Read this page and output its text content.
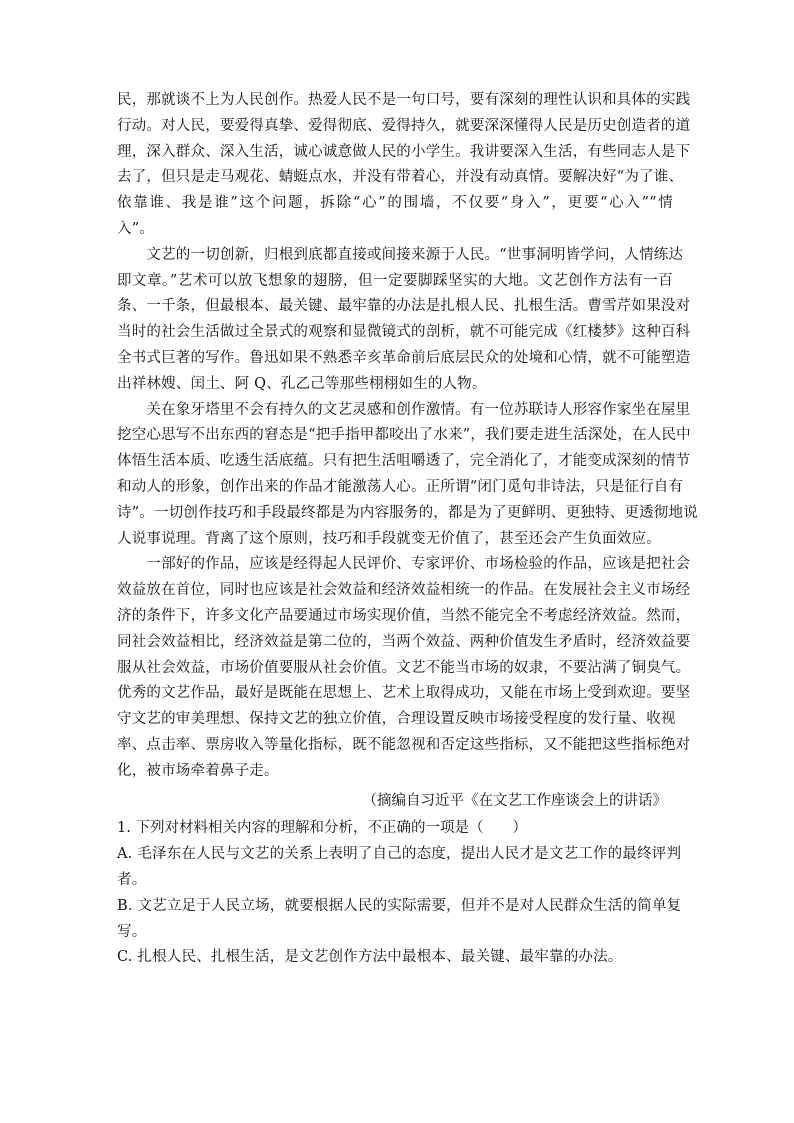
民，那就谈不上为人民创作。热爱人民不是一句口号，要有深刻的理性认识和具体的实践
行动。对人民，要爱得真挚、爱得彻底、爱得持久，就要深深懂得人民是历史创造者的道
理，深入群众、深入生活，诚心诚意做人民的小学生。我讲要深入生活，有些同志人是下
去了，但只是走马观花、蜻蜓点水，并没有带着心，并没有动真情。要解决好“为了谁、
依靠谁、我是谁”这个问题，拆除“心”的围墙，不仅要“身入”，更要“心入”“情
入”。
　　文艺的一切创新，归根到底都直接或间接来源于人民。“世事洞明皆学问，人情练达
即文章。”艺术可以放飞想象的翅膀，但一定要脚踩坚实的大地。文艺创作方法有一百
条、一千条，但最根本、最关键、最牢靠的办法是扎根人民、扎根生活。曹雪芹如果没对
当时的社会生活做过全景式的观察和显微镜式的剖析，就不可能完成《红楼梦》这种百科
全书式巨著的写作。鲁迅如果不熟悉辛亥革命前后底层民众的处境和心情，就不可能塑造
出祥林嫂、闰土、阿 Q、孔乙己等那些栩栩如生的人物。
　　关在象牙塔里不会有持久的文艺灵感和创作激情。有一位苏联诗人形容作家坐在屋里
挖空心思写不出东西的窘态是“把手指甲都咬出了水来”，我们要走进生活深处，在人民中
体悟生活本质、吃透生活底蕴。只有把生活咀嚼透了，完全消化了，才能变成深刻的情节
和动人的形象，创作出来的作品才能激荡人心。正所谓“闭门觅句非诗法，只是征行自有
诗”。一切创作技巧和手段最终都是为内容服务的，都是为了更鲜明、更独特、更透彻地说
人说事说理。背离了这个原则，技巧和手段就变无价值了，甚至还会产生负面效应。
　　一部好的作品，应该是经得起人民评价、专家评价、市场检验的作品，应该是把社会
效益放在首位，同时也应该是社会效益和经济效益相统一的作品。在发展社会主义市场经
济的条件下，许多文化产品要通过市场实现价值，当然不能完全不考虑经济效益。然而，
同社会效益相比，经济效益是第二位的，当两个效益、两种价值发生矛盾时，经济效益要
服从社会效益，市场价值要服从社会价值。文艺不能当市场的奴隶，不要沾满了铜臭气。
优秀的文艺作品，最好是既能在思想上、艺术上取得成功，又能在市场上受到欢迎。要坚
守文艺的审美理想、保持文艺的独立价值，合理设置反映市场接受程度的发行量、收视
率、点击率、票房收入等量化指标，既不能忽视和否定这些指标，又不能把这些指标绝对
化，被市场牵着鼻子走。
（摘编自习近平《在文艺工作座谈会上的讲话》
1. 下列对材料相关内容的理解和分析，不正确的一项是（　　）
A. 毛泽东在人民与文艺的关系上表明了自己的态度，提出人民才是文艺工作的最终评判
者。
B. 文艺立足于人民立场，就要根据人民的实际需要，但并不是对人民群众生活的简单复
写。
C. 扎根人民、扎根生活，是文艺创作方法中最根本、最关键、最牢靠的办法。
